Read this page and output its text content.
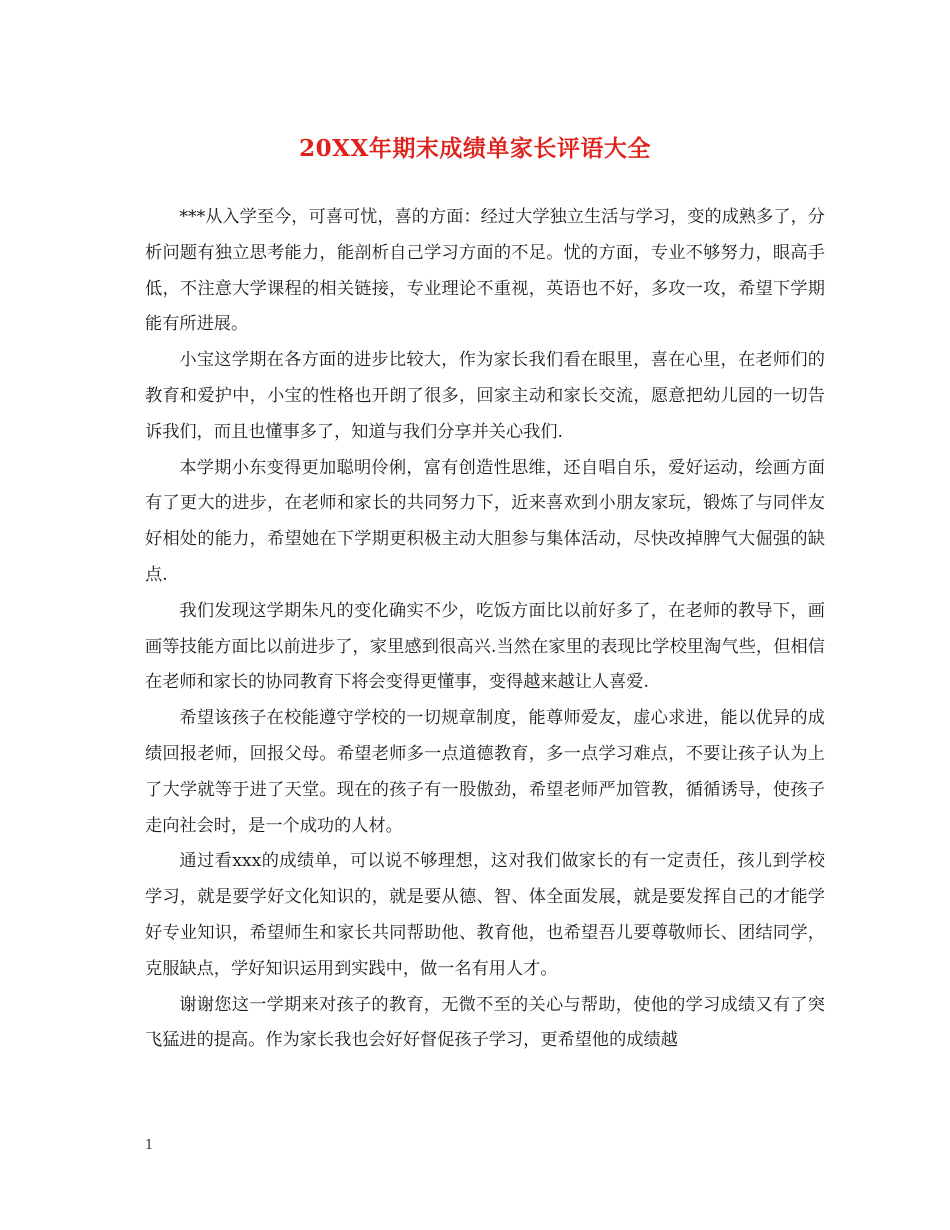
20XX年期末成绩单家长评语大全

***从入学至今，可喜可忧，喜的方面：经过大学独立生活与学习，变的成熟多了，分析问题有独立思考能力，能剖析自己学习方面的不足。忧的方面，专业不够努力，眼高手低，不注意大学课程的相关链接，专业理论不重视，英语也不好，多攻一攻，希望下学期能有所进展。

小宝这学期在各方面的进步比较大，作为家长我们看在眼里，喜在心里，在老师们的教育和爱护中，小宝的性格也开朗了很多，回家主动和家长交流，愿意把幼儿园的一切告诉我们，而且也懂事多了，知道与我们分享并关心我们.

本学期小东变得更加聪明伶俐，富有创造性思维，还自唱自乐，爱好运动，绘画方面有了更大的进步，在老师和家长的共同努力下，近来喜欢到小朋友家玩，锻炼了与同伴友好相处的能力，希望她在下学期更积极主动大胆参与集体活动，尽快改掉脾气大倔强的缺点.

我们发现这学期朱凡的变化确实不少，吃饭方面比以前好多了，在老师的教导下，画画等技能方面比以前进步了，家里感到很高兴.当然在家里的表现比学校里淘气些，但相信在老师和家长的协同教育下将会变得更懂事，变得越来越让人喜爱.

希望该孩子在校能遵守学校的一切规章制度，能尊师爱友，虚心求进，能以优异的成绩回报老师，回报父母。希望老师多一点道德教育，多一点学习难点，不要让孩子认为上了大学就等于进了天堂。现在的孩子有一股傲劲，希望老师严加管教，循循诱导，使孩子走向社会时，是一个成功的人材。

通过看xxx的成绩单，可以说不够理想，这对我们做家长的有一定责任，孩儿到学校学习，就是要学好文化知识的，就是要从德、智、体全面发展，就是要发挥自己的才能学好专业知识，希望师生和家长共同帮助他、教育他，也希望吾儿要尊敬师长、团结同学，克服缺点，学好知识运用到实践中，做一名有用人才。

谢谢您这一学期来对孩子的教育，无微不至的关心与帮助，使他的学习成绩又有了突飞猛进的提高。作为家长我也会好好督促孩子学习，更希望他的成绩越

1
